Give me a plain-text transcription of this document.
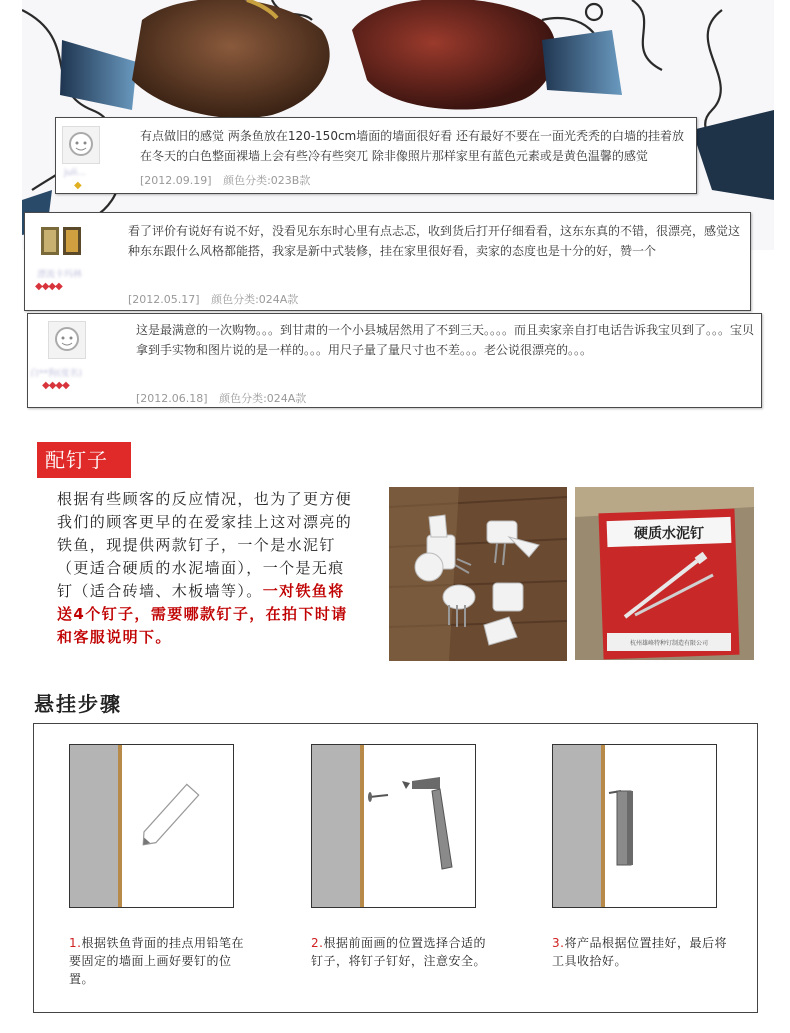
juli...
◆
有点做旧的感觉 两条鱼放在120-150cm墙面的墙面很好看 还有最好不要在一面光秃秃的白墙的挂着放在冬天的白色整面裸墙上会有些冷有些突兀 除非像照片那样家里有蓝色元素或是黄色温馨的感觉
[2012.09.19] 颜色分类:023B款
漂流卡玛林
◆◆◆◆
看了评价有说好有说不好，没看见东东时心里有点忐忑，收到货后打开仔细看看，这东东真的不错，很漂亮，感觉这种东东跟什么风格都能搭，我家是新中式装修，挂在家里很好看，卖家的态度也是十分的好，赞一个
[2012.05.17] 颜色分类:024A款
白**狗(度名)
◆◆◆◆
这是最满意的一次购物。。。到甘肃的一个小县城居然用了不到三天。。。。而且卖家亲自打电话告诉我宝贝到了。。。宝贝拿到手实物和图片说的是一样的。。。用尺子量了量尺寸也不差。。。老公说很漂亮的。。。
[2012.06.18] 颜色分类:024A款
配钉子
根据有些顾客的反应情况，也为了更方便我们的顾客更早的在爱家挂上这对漂亮的铁鱼，现提供两款钉子，一个是水泥钉（更适合硬质的水泥墙面），一个是无痕钉（适合砖墙、木板墙等）。一对铁鱼将送4个钉子，需要哪款钉子，在拍下时请和客服说明下。
硬质水泥钉
杭州雄峰特种钉制造有限公司
悬挂步骤
1.根据铁鱼背面的挂点用铅笔在要固定的墙面上画好要钉的位置。
2.根据前面画的位置选择合适的钉子，将钉子钉好，注意安全。
3.将产品根据位置挂好，最后将工具收拾好。
